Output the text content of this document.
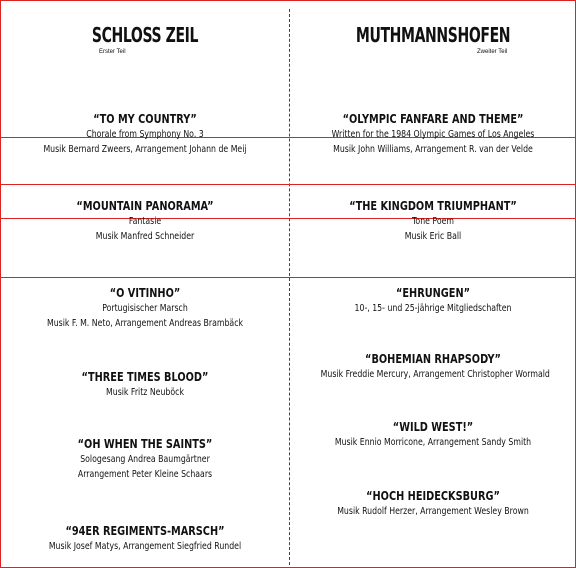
SCHLOSS ZEIL
Erster Teil
“TO MY COUNTRY”
Chorale from Symphony No. 3
Musik Bernard Zweers, Arrangement Johann de Meij
“MOUNTAIN PANORAMA”
Fantasie
Musik Manfred Schneider
“O VITINHO”
Portugisischer Marsch
Musik F. M. Neto, Arrangement Andreas Brambäck
“THREE TIMES BLOOD”
Musik Fritz Neuböck
“OH WHEN THE SAINTS”
Sologesang Andrea Baumgärtner
Arrangement Peter Kleine Schaars
“94ER REGIMENTS-MARSCH”
Musik Josef Matys, Arrangement Siegfried Rundel
MUTHMANNSHOFEN
Zweiter Teil
“OLYMPIC FANFARE AND THEME”
Written for the 1984 Olympic Games of Los Angeles
Musik John Williams, Arrangement R. van der Velde
“THE KINGDOM TRIUMPHANT”
Tone Poem
Musik Eric Ball
“EHRUNGEN”
10-, 15- und 25-jährige Mitgliedschaften
“BOHEMIAN RHAPSODY”
Musik Freddie Mercury, Arrangement Christopher Wormald
“WILD WEST!”
Musik Ennio Morricone, Arrangement Sandy Smith
“HOCH HEIDECKSBURG”
Musik Rudolf Herzer, Arrangement Wesley Brown
